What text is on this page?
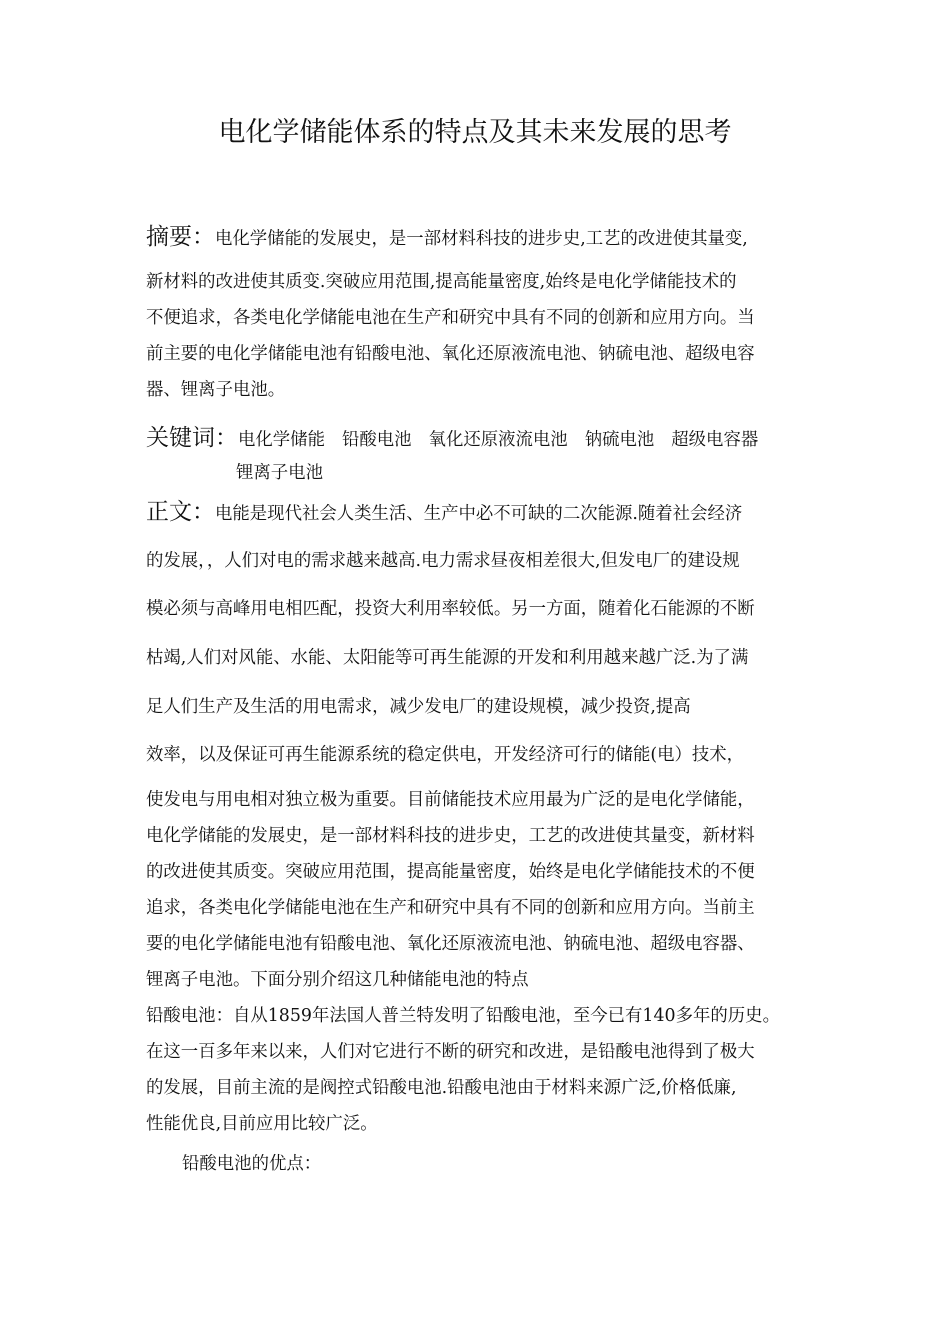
电化学储能体系的特点及其未来发展的思考
摘要：电化学储能的发展史，是一部材料科技的进步史,工艺的改进使其量变,
新材料的改进使其质变.突破应用范围,提高能量密度,始终是电化学储能技术的
不便追求，各类电化学储能电池在生产和研究中具有不同的创新和应用方向。当
前主要的电化学储能电池有铅酸电池、氧化还原液流电池、钠硫电池、超级电容
器、锂离子电池。
关键词：电化学储能 铅酸电池 氧化还原液流电池 钠硫电池 超级电容器
锂离子电池
正文：电能是现代社会人类生活、生产中必不可缺的二次能源.随着社会经济
的发展，，人们对电的需求越来越高.电力需求昼夜相差很大,但发电厂的建设规
模必须与高峰用电相匹配，投资大利用率较低。另一方面，随着化石能源的不断
枯竭,人们对风能、水能、太阳能等可再生能源的开发和利用越来越广泛.为了满
足人们生产及生活的用电需求，减少发电厂的建设规模，减少投资,提高
效率，以及保证可再生能源系统的稳定供电，开发经济可行的储能(电）技术，
使发电与用电相对独立极为重要。目前储能技术应用最为广泛的是电化学储能，
电化学储能的发展史，是一部材料科技的进步史，工艺的改进使其量变，新材料
的改进使其质变。突破应用范围，提高能量密度，始终是电化学储能技术的不便
追求，各类电化学储能电池在生产和研究中具有不同的创新和应用方向。当前主
要的电化学储能电池有铅酸电池、氧化还原液流电池、钠硫电池、超级电容器、
锂离子电池。下面分别介绍这几种储能电池的特点
铅酸电池：自从1859年法国人普兰特发明了铅酸电池，至今已有140多年的历史。
在这一百多年来以来，人们对它进行不断的研究和改进，是铅酸电池得到了极大
的发展，目前主流的是阀控式铅酸电池.铅酸电池由于材料来源广泛,价格低廉,
性能优良,目前应用比较广泛。
铅酸电池的优点：
